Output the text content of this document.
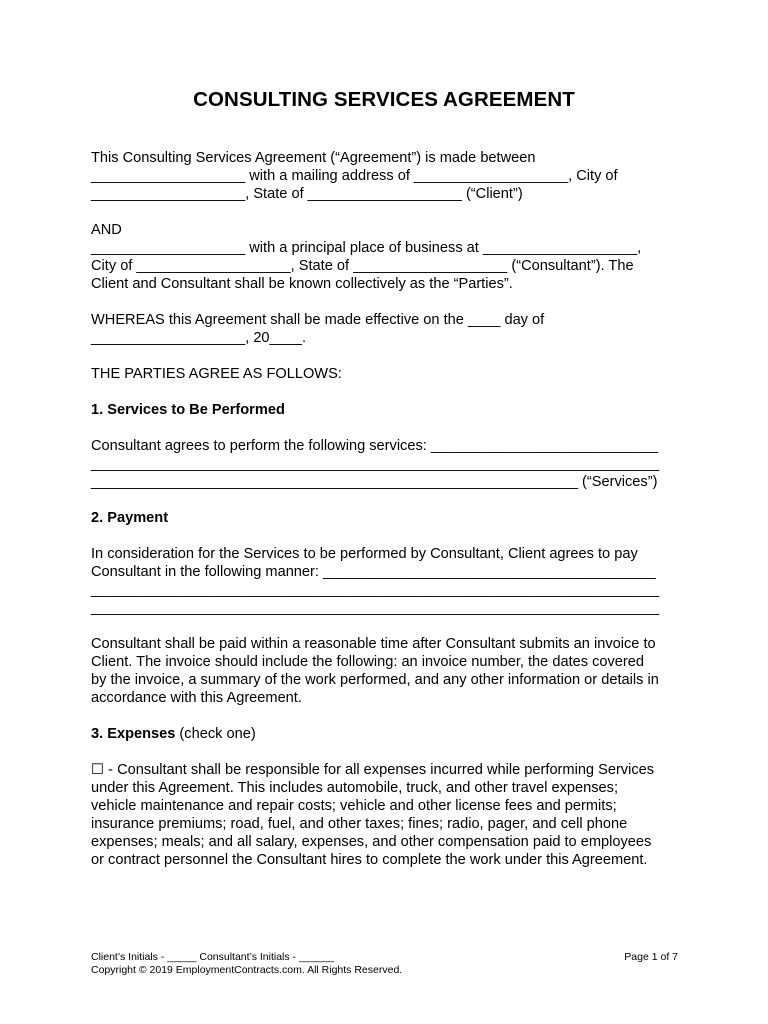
CONSULTING SERVICES AGREEMENT
This Consulting Services Agreement (“Agreement”) is made between
___________________ with a mailing address of ___________________, City of
___________________, State of ___________________ (“Client”)
AND
___________________ with a principal place of business at ___________________,
City of ___________________, State of ___________________ (“Consultant”). The
Client and Consultant shall be known collectively as the “Parties”.
WHEREAS this Agreement shall be made effective on the ____ day of
___________________, 20____.
THE PARTIES AGREE AS FOLLOWS:
1. Services to Be Performed
Consultant agrees to perform the following services: ____________________________
______________________________________________________________________
____________________________________________________________ (“Services”)
2. Payment
In consideration for the Services to be performed by Consultant, Client agrees to pay
Consultant in the following manner: _________________________________________
______________________________________________________________________
______________________________________________________________________
Consultant shall be paid within a reasonable time after Consultant submits an invoice to
Client. The invoice should include the following: an invoice number, the dates covered
by the invoice, a summary of the work performed, and any other information or details in
accordance with this Agreement.
3. Expenses (check one)
☐ - Consultant shall be responsible for all expenses incurred while performing Services
under this Agreement. This includes automobile, truck, and other travel expenses;
vehicle maintenance and repair costs; vehicle and other license fees and permits;
insurance premiums; road, fuel, and other taxes; fines; radio, pager, and cell phone
expenses; meals; and all salary, expenses, and other compensation paid to employees
or contract personnel the Consultant hires to complete the work under this Agreement.
Client’s Initials - _____ Consultant’s Initials - ______
Copyright © 2019 EmploymentContracts.com. All Rights Reserved.
Page 1 of 7
